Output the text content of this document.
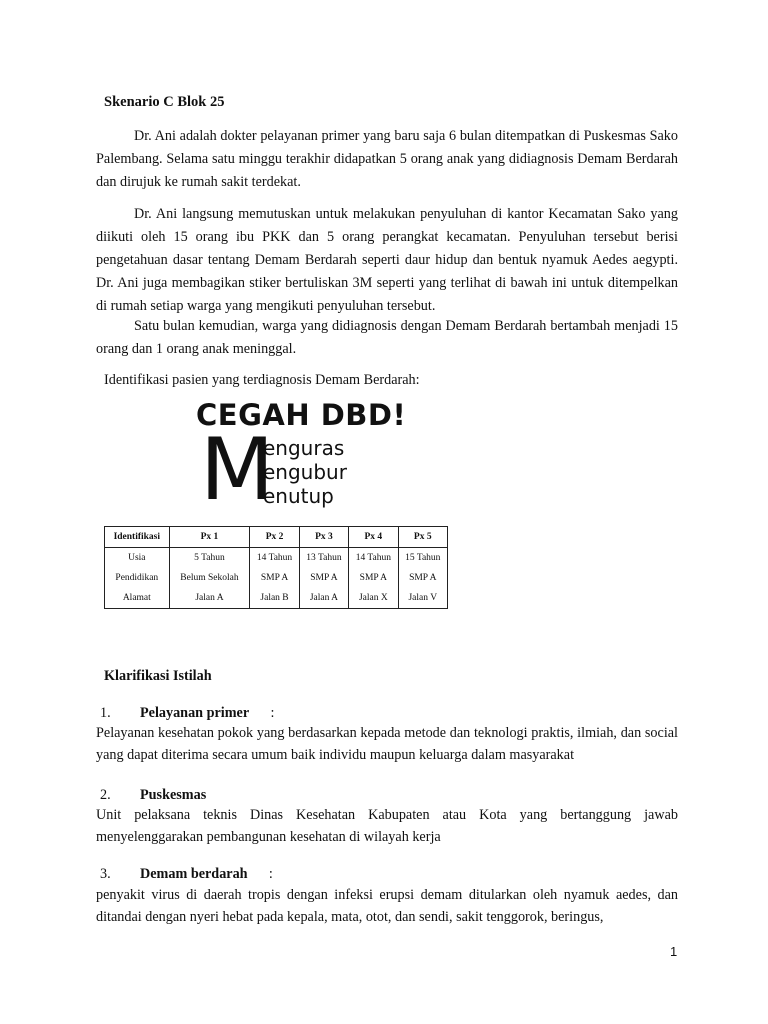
Skenario C Blok 25
Dr. Ani adalah dokter pelayanan primer yang baru saja 6 bulan ditempatkan di Puskesmas Sako Palembang. Selama satu minggu terakhir didapatkan 5 orang anak yang didiagnosis Demam Berdarah dan dirujuk ke rumah sakit terdekat.
Dr. Ani langsung memutuskan untuk melakukan penyuluhan di kantor Kecamatan Sako yang diikuti oleh 15 orang ibu PKK dan 5 orang perangkat kecamatan. Penyuluhan tersebut berisi pengetahuan dasar tentang Demam Berdarah seperti daur hidup dan bentuk nyamuk Aedes aegypti. Dr. Ani juga membagikan stiker bertuliskan 3M seperti yang terlihat di bawah ini untuk ditempelkan di rumah setiap warga yang mengikuti penyuluhan tersebut.
Satu bulan kemudian, warga yang didiagnosis dengan Demam Berdarah bertambah menjadi 15 orang dan 1 orang anak meninggal.
Identifikasi pasien yang terdiagnosis Demam Berdarah:
CEGAH DBD!
M
enguras
engubur
enutup
Identifikasi	Px 1	Px 2	Px 3	Px 4	Px 5
Usia	5 Tahun	14 Tahun	13 Tahun	14 Tahun	15 Tahun
Pendidikan	Belum Sekolah	SMP A	SMP A	SMP A	SMP A
Alamat	Jalan A	Jalan B	Jalan A	Jalan X	Jalan V
Klarifikasi Istilah
1. Pelayanan primer :
Pelayanan kesehatan pokok yang berdasarkan kepada metode dan teknologi praktis, ilmiah, dan social yang dapat diterima secara umum baik individu maupun keluarga dalam masyarakat
2. Puskesmas
Unit pelaksana teknis Dinas Kesehatan Kabupaten atau Kota yang bertanggung jawab menyelenggarakan pembangunan kesehatan di wilayah kerja
3. Demam berdarah :
penyakit virus di daerah tropis dengan infeksi erupsi demam ditularkan oleh nyamuk aedes, dan ditandai dengan nyeri hebat pada kepala, mata, otot, dan sendi, sakit tenggorok, beringus,
1
